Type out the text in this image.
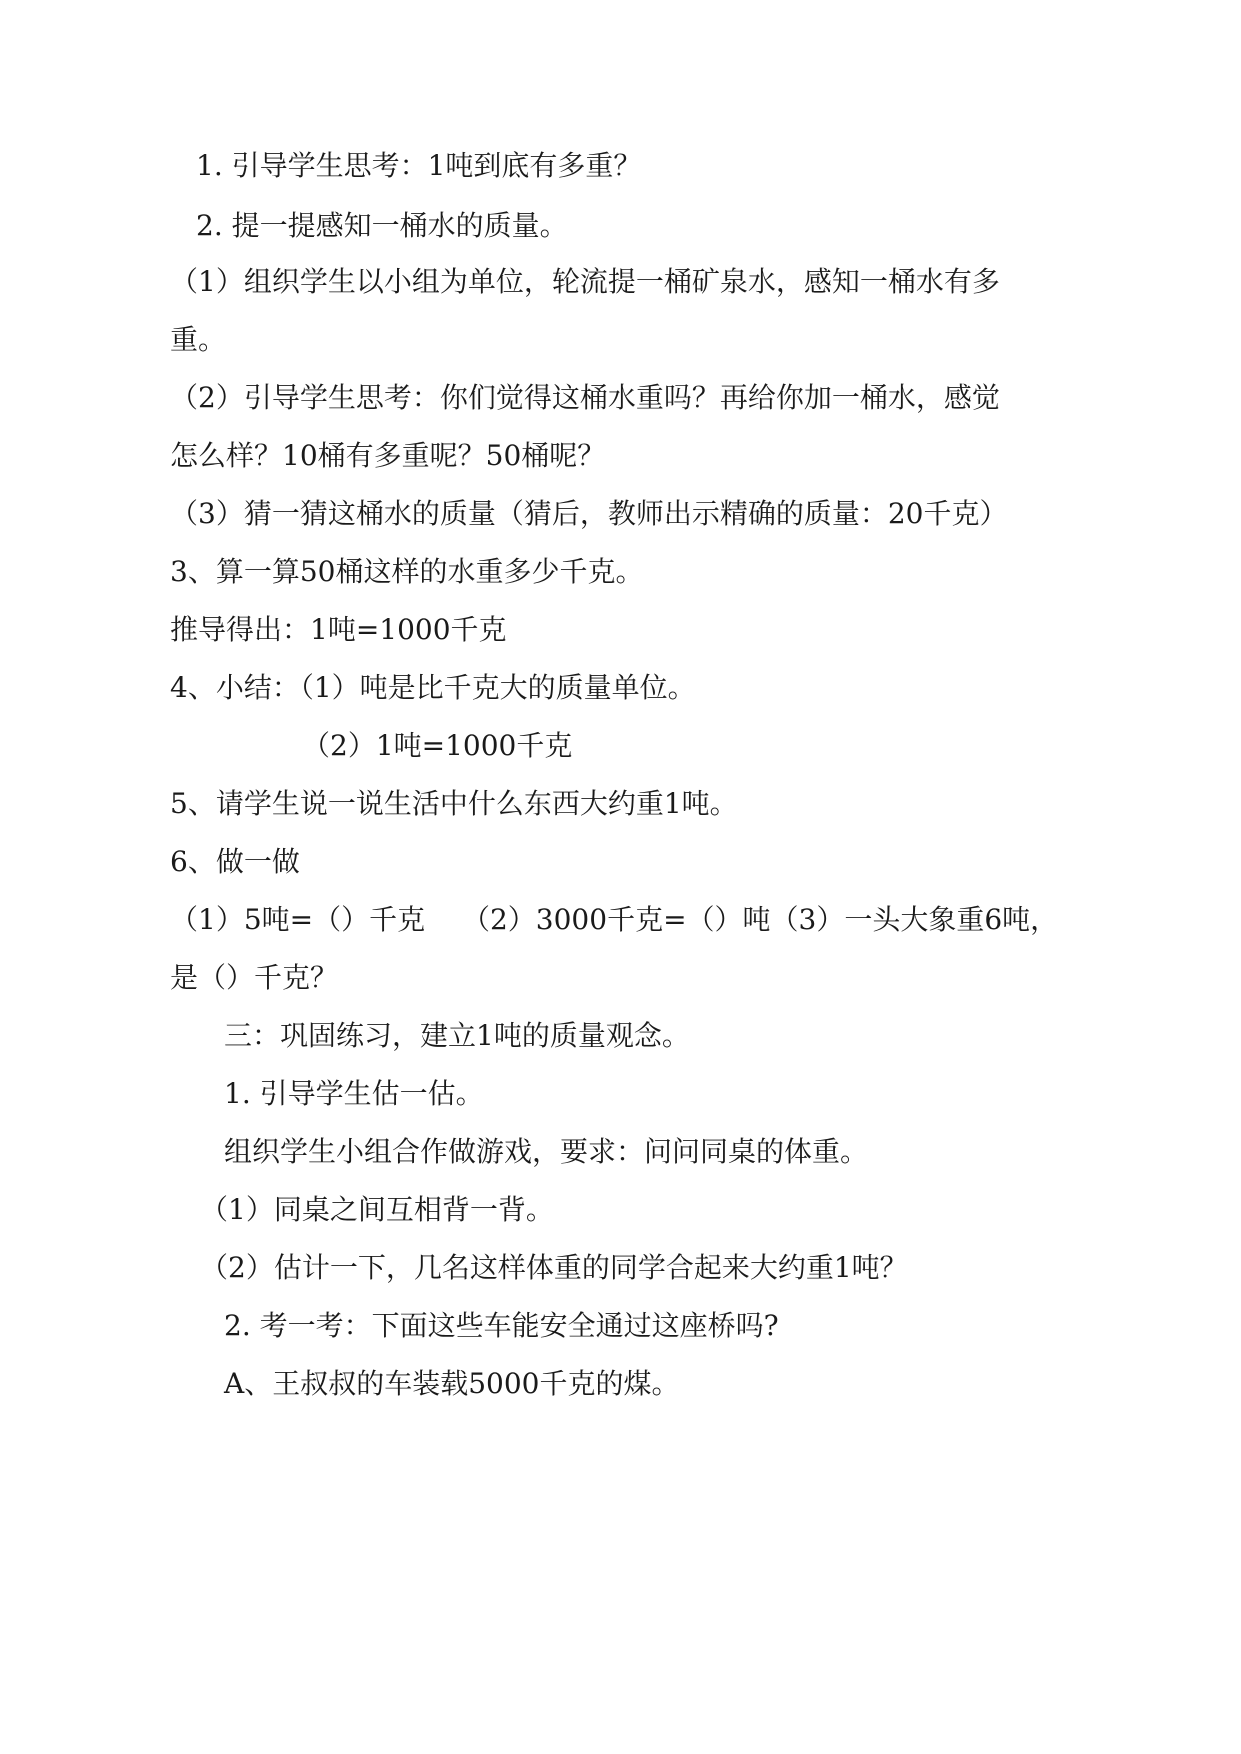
1. 引导学生思考：1吨到底有多重？
2. 提一提感知一桶水的质量。
（1）组织学生以小组为单位，轮流提一桶矿泉水，感知一桶水有多
重。
（2）引导学生思考：你们觉得这桶水重吗？再给你加一桶水，感觉
怎么样？10桶有多重呢？50桶呢？
（3）猜一猜这桶水的质量（猜后，教师出示精确的质量：20千克）
3、算一算50桶这样的水重多少千克。
推导得出：1吨=1000千克
4、小结：（1）吨是比千克大的质量单位。
（2）1吨=1000千克
5、请学生说一说生活中什么东西大约重1吨。
6、做一做
（1）5吨=（）千克　 （2）3000千克=（）吨（3）一头大象重6吨，
是（）千克？
三：巩固练习，建立1吨的质量观念。
1. 引导学生估一估。
组织学生小组合作做游戏，要求：问问同桌的体重。
（1）同桌之间互相背一背。
（2）估计一下，几名这样体重的同学合起来大约重1吨？
2. 考一考：下面这些车能安全通过这座桥吗?
A、王叔叔的车装载5000千克的煤。
